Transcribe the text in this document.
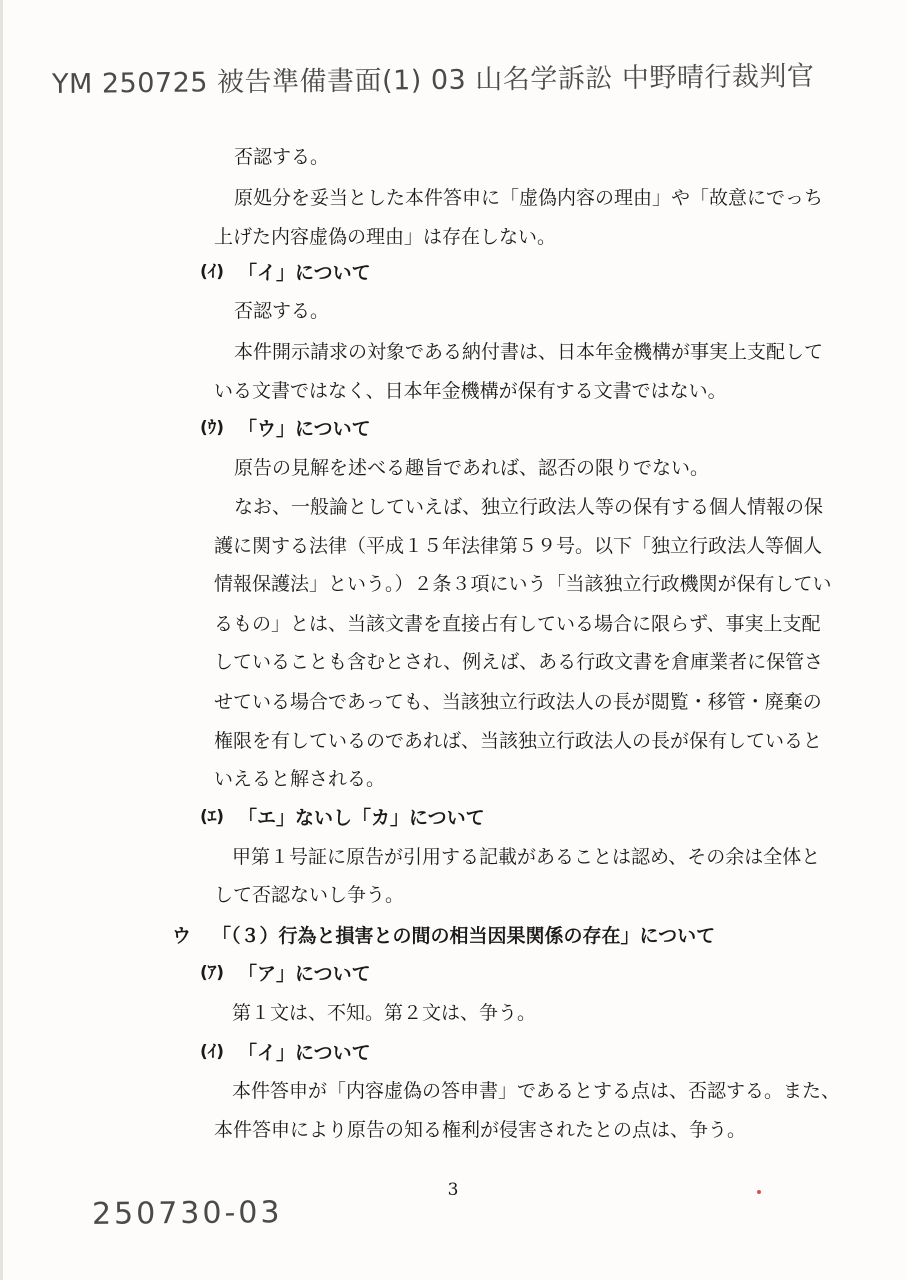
YM 250725 被告準備書面(1) 03 山名学訴訟 中野晴行裁判官
否認する。
原処分を妥当とした本件答申に「虚偽内容の理由」や「故意にでっち
上げた内容虚偽の理由」は存在しない。
(ｲ) 「イ」について
否認する。
本件開示請求の対象である納付書は、日本年金機構が事実上支配して
いる文書ではなく、日本年金機構が保有する文書ではない。
(ｳ) 「ウ」について
原告の見解を述べる趣旨であれば、認否の限りでない。
なお、一般論としていえば、独立行政法人等の保有する個人情報の保
護に関する法律（平成１５年法律第５９号。以下「独立行政法人等個人
情報保護法」という。）２条３項にいう「当該独立行政機関が保有してい
るもの」とは、当該文書を直接占有している場合に限らず、事実上支配
していることも含むとされ、例えば、ある行政文書を倉庫業者に保管さ
せている場合であっても、当該独立行政法人の長が閲覧・移管・廃棄の
権限を有しているのであれば、当該独立行政法人の長が保有していると
いえると解される。
(ｴ) 「エ」ないし「カ」について
甲第１号証に原告が引用する記載があることは認め、その余は全体と
して否認ないし争う。
ウ 「（３）行為と損害との間の相当因果関係の存在」について
(ｱ) 「ア」について
第１文は、不知。第２文は、争う。
(ｲ) 「イ」について
本件答申が「内容虚偽の答申書」であるとする点は、否認する。また、
本件答申により原告の知る権利が侵害されたとの点は、争う。
3
250730-03
